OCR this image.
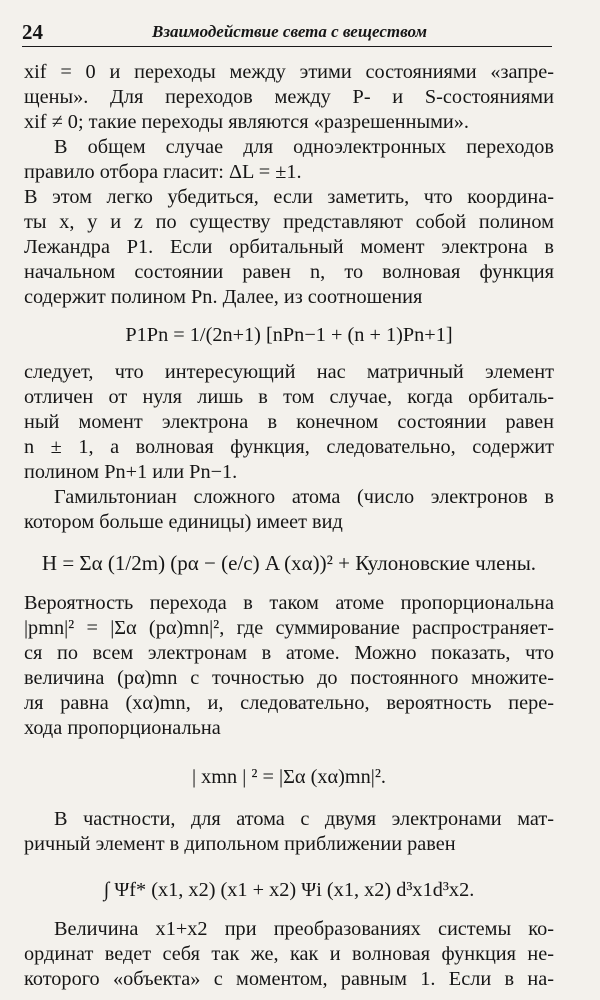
24	Взаимодействие света с веществом
xif = 0 и переходы между этими состояниями «запре-
щены». Для переходов между P- и S-состояниями
xif ≠ 0; такие переходы являются «разрешенными».
В общем случае для одноэлектронных переходов
правило отбора гласит: ΔL = ±1.
В этом легко убедиться, если заметить, что координа-
ты x, y и z по существу представляют собой полином
Лежандра P1. Если орбитальный момент электрона в
начальном состоянии равен n, то волновая функция
содержит полином Pn. Далее, из соотношения
P1Pn = 1/(2n+1) [nPn−1 + (n + 1)Pn+1]
следует, что интересующий нас матричный элемент
отличен от нуля лишь в том случае, когда орбиталь-
ный момент электрона в конечном состоянии равен
n ± 1, а волновая функция, следовательно, содержит
полином Pn+1 или Pn−1.
Гамильтониан сложного атома (число электронов в
котором больше единицы) имеет вид
H = Σα (1/2m) (pα − (e/c) A (xα))² + Кулоновские члены.
Вероятность перехода в таком атоме пропорциональна
|pmn|² = |Σα (pα)mn|², где суммирование распространяет-
ся по всем электронам в атоме. Можно показать, что
величина (pα)mn с точностью до постоянного множите-
ля равна (xα)mn, и, следовательно, вероятность пере-
хода пропорциональна
| xmn | ² = |Σα (xα)mn|².
В частности, для атома с двумя электронами мат-
ричный элемент в дипольном приближении равен
∫ Ψf* (x1, x2) (x1 + x2) Ψi (x1, x2) d³x1d³x2.
Величина x1+x2 при преобразованиях системы ко-
ординат ведет себя так же, как и волновая функция не-
которого «объекта» с моментом, равным 1. Если в на-
